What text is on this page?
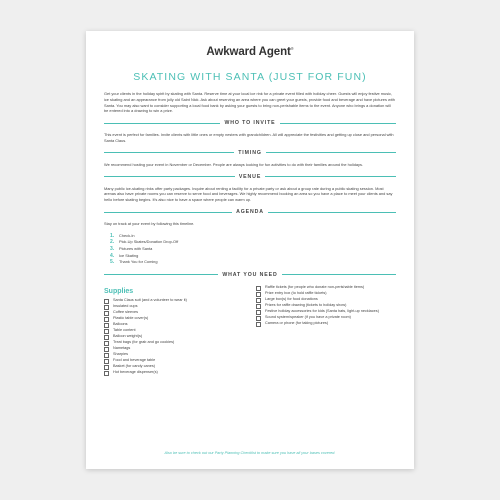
Awkward Agent®
SKATING WITH SANTA (JUST FOR FUN)

Get your clients in the holiday spirit by skating with Santa. Reserve time at your local ice rink for a private event filled with holiday cheer. Guests will enjoy festive music, ice skating and an appearance from jolly old Saint Nick. Ask about reserving an area where you can greet your guests, provide food and beverage and have pictures with Santa. You may also want to consider supporting a local food bank by asking your guests to bring non-perishable items to the event. Anyone who brings a donation will be entered into a drawing to win a prize.

WHO TO INVITE

This event is perfect for families. Invite clients with little ones or empty nesters with grandchildren. All will appreciate the festivities and getting up close and personal with Santa Claus.

TIMING

We recommend hosting your event in November or December. People are always looking for fun activities to do with their families around the holidays.

VENUE

Many public ice-skating rinks offer party packages. Inquire about renting a facility for a private party or ask about a group rate during a public skating session. Most arenas also have private rooms you can reserve to serve food and beverages. We highly recommend booking an area so you have a place to meet your clients and say hello before skating begins. It's also nice to have a space where people can warm up.

AGENDA

Stay on track at your event by following this timeline.

1.	Check-In
2.	Pick-Up Skates/Donation Drop-Off
3.	Pictures with Santa
4.	Ice Skating
5.	Thank You for Coming
WHAT YOU NEED
Supplies
Santa Claus suit (and a volunteer to wear it)
Insulated cups
Coffee sleeves
Plastic table cover(s)
Balloons
Table content
Balloon weight(s)
Treat bags (for grab and go cookies)
Nametags
Sharpies
Food and beverage table
Basket (for candy canes)
Hot beverage dispenser(s)
Raffle tickets (for people who donate non-perishable items)
Prize entry box (to hold raffle tickets)
Large box(s) for food donations
Prizes for raffle drawing (tickets to holiday show)
Festive holiday accessories for kids (Santa hats, light-up necklaces)
Sound system/speaker (if you have a private room)
Camera or phone (for taking pictures)
Also be sure to check out our Party Planning Checklist to make sure you have all your bases covered.
